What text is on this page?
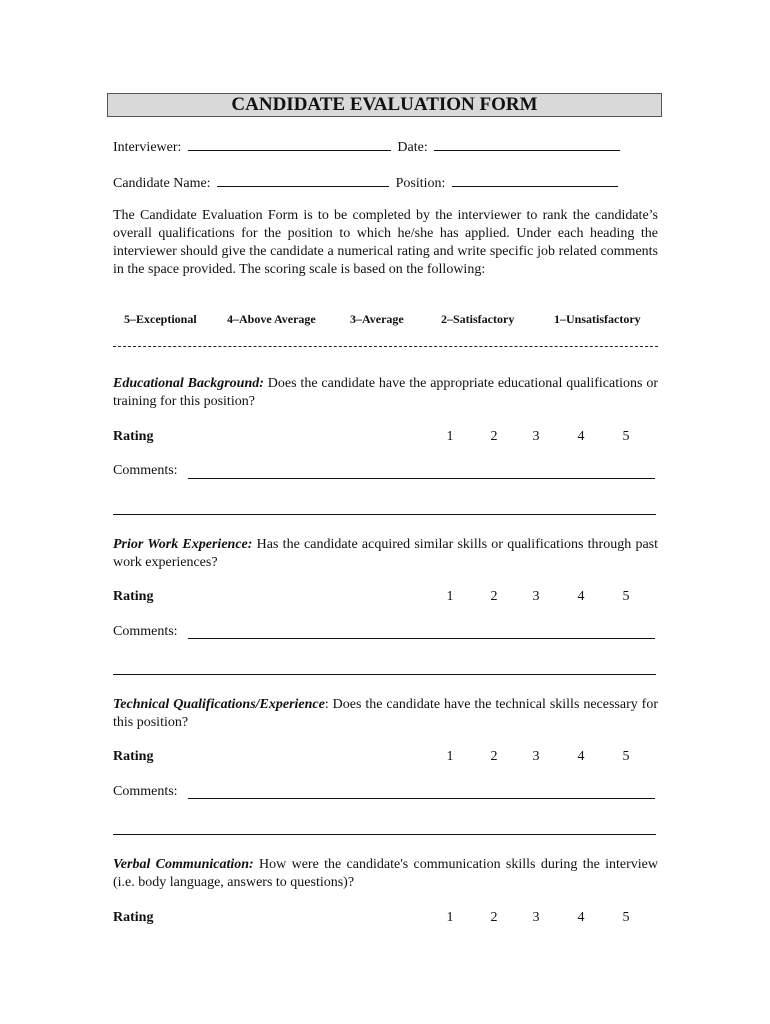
CANDIDATE EVALUATION FORM
Interviewer:	Date:
Candidate Name:	Position:
The Candidate Evaluation Form is to be completed by the interviewer to rank the candidate’s overall qualifications for the position to which he/she has applied. Under each heading the interviewer should give the candidate a numerical rating and write specific job related comments in the space provided. The scoring scale is based on the following:
5–Exceptional	4–Above Average	3–Average	2–Satisfactory	1–Unsatisfactory
Educational Background: Does the candidate have the appropriate educational qualifications or training for this position?
Rating	1	2	3	4	5
Comments:
Prior Work Experience: Has the candidate acquired similar skills or qualifications through past work experiences?
Rating	1	2	3	4	5
Comments:
Technical Qualifications/Experience: Does the candidate have the technical skills necessary for this position?
Rating	1	2	3	4	5
Comments:
Verbal Communication: How were the candidate's communication skills during the interview (i.e. body language, answers to questions)?
Rating	1	2	3	4	5
